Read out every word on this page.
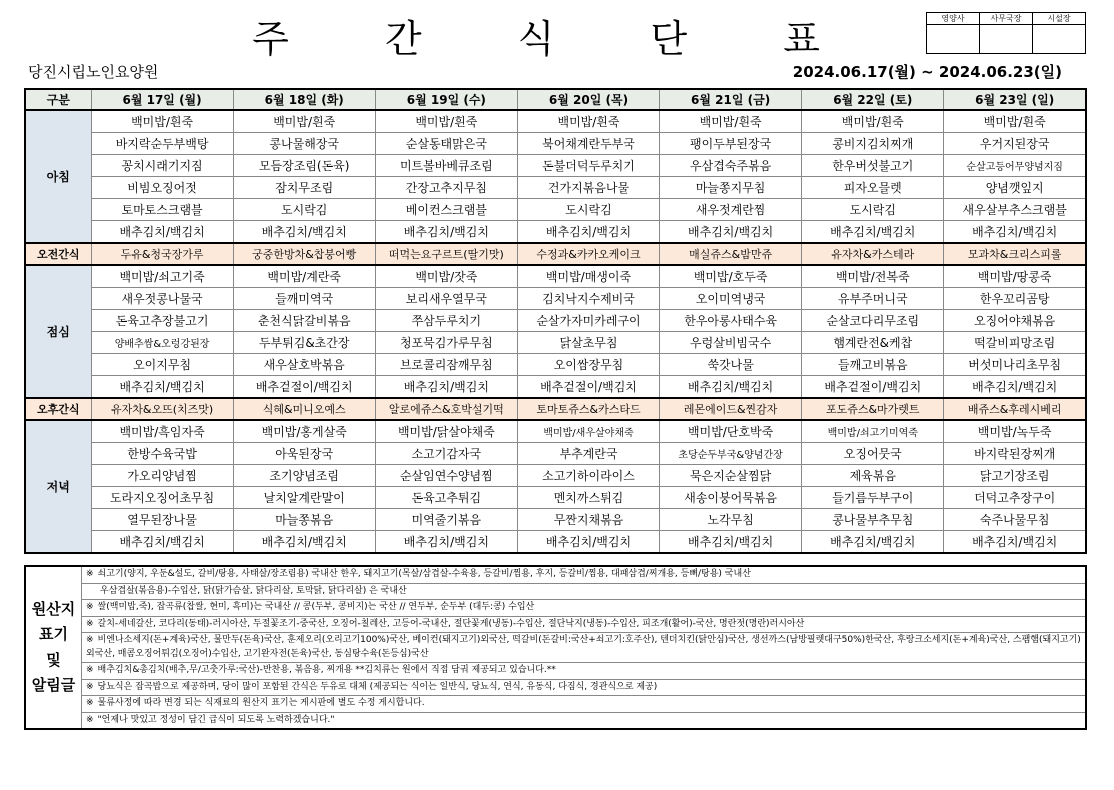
주 간 식 단 표	영양사	사무국장	시설장

당진시립노인요양원	2024.06.17(월) ~ 2024.06.23(일)
구분	6월 17일 (월)	6월 18일 (화)	6월 19일 (수)	6월 20일 (목)	6월 21일 (금)	6월 22일 (토)	6월 23일 (일)
아침	백미밥/흰죽	백미밥/흰죽	백미밥/흰죽	백미밥/흰죽	백미밥/흰죽	백미밥/흰죽	백미밥/흰죽
	바지락순두부백탕	콩나물해장국	순살동태맑은국	북어채계란두부국	팽이두부된장국	콩비지김치찌개	우거지된장국
	꽁치시래기지짐	모듬장조림(돈육)	미트볼바베큐조림	돈불더덕두루치기	우삼겹숙주볶음	한우버섯불고기	순살고등어무양념지짐
	비빔오징어젓	잠치무조림	간장고추지무침	건가지볶음나물	마늘쫑지무침	피자오믈렛	양념깻잎지
	토마토스크램블	도시락김	베이컨스크램블	도시락김	새우젓계란찜	도시락김	새우살부추스크램블
	배추김치/백김치	배추김치/백김치	배추김치/백김치	배추김치/백김치	배추김치/백김치	배추김치/백김치	배추김치/백김치
오전간식	두유&청국장가루	궁중한방차&찹붕어빵	떠먹는요구르트(딸기맛)	수정과&카카오케이크	매실쥬스&밤만쥬	유자차&카스테라	모과차&크리스피롤
점심	백미밥/쇠고기죽	백미밥/계란죽	백미밥/잣죽	백미밥/매생이죽	백미밥/호두죽	백미밥/전복죽	백미밥/땅콩죽
	새우젓콩나물국	들깨미역국	보리새우열무국	김치낙지수제비국	오이미역냉국	유부주머니국	한우꼬리곰탕
	돈육고추장불고기	춘천식닭갈비볶음	쭈삼두루치기	순살가자미카레구이	한우아롱사태수육	순살코다리무조림	오징어야채볶음
	양배추쌈&오렁강된장	두부튀김&초간장	청포묵김가루무침	닭살초무침	우렁살비빔국수	햄계란전&케찹	떡갈비피망조림
	오이지무침	새우살호박볶음	브로콜리잠깨무침	오이쌈장무침	쑥갓나물	들깨고비볶음	버섯미나리초무침
	배추김치/백김치	배추겉절이/백김치	배추김치/백김치	배추겉절이/백김치	배추김치/백김치	배추겉절이/백김치	배추김치/백김치
오후간식	유자차&오뜨(치즈맛)	식혜&미니오예스	알로에쥬스&호박설기떡	토마토쥬스&카스타드	레몬에이드&찐감자	포도쥬스&마가렛트	배쥬스&후레시베리
저녁	백미밥/흑임자죽	백미밥/홍게살죽	백미밥/닭살야채죽	백미밥/새우살야채죽	백미밥/단호박죽	백미밥/쇠고기미역죽	백미밥/녹두죽
	한방수육국밥	아욱된장국	소고기감자국	부추계란국	초당순두부국&양념간장	오징어뭇국	바지락된장찌개
	가오리양념찜	조기양념조림	순살임연수양념찜	소고기하이라이스	묵은지순살찜닭	제육볶음	닭고기장조림
	도라지오징어초무침	날치알계란말이	돈육고추튀김	멘치까스튀김	새송이붕어묵볶음	들기름두부구이	더덕고추장구이
	열무된장나물	마늘쫑볶음	미역줄기볶음	무짠지채볶음	노각무침	콩나물부추무침	숙주나물무침
	배추김치/백김치	배추김치/백김치	배추김치/백김치	배추김치/백김치	배추김치/백김치	배추김치/백김치	배추김치/백김치
원산지
표기
및
알림글
	※ 쇠고기(양지, 우둔&설도, 갈비/탕용, 사태살/장조림용) 국내산 한우, 돼지고기(목살/삼겹살-수육용, 등갈비/찜용, 후지, 등갈비/찜용, 대패삼겹/찌개용, 등뼈/탕용) 국내산
우삼겹살(볶음용)-수입산, 닭(닭가슴살, 닭다리살, 토막닭, 닭다리살) 은 국내산
※ 쌀(백미밥,죽), 잡곡류(찹쌀, 현미, 흑미)는 국내산 // 콩(두부, 콩비지)는 국산 // 연두부, 순두부 (대두:콩) 수입산
※ 갈치-세네갈산, 코다리(동태)-러시아산, 두절꽃조기-중국산, 오징어-칠레산, 고등어-국내산, 절단꽃게(냉동)-수입산, 절단낙지(냉동)-수입산, 피조개(활어)-국산, 명란젓(명란)러시아산
※ 비엔나소세지(돈+계육)국산, 물만두(돈육)국산, 훈제오리(오리고기100%)국산, 베이컨(돼지고기)외국산, 떡갈비(돈갈비:국산+쇠고기:호주산), 텐더치킨(닭안심)국산, 생선까스(남방필렛대구50%)한국산, 후랑크소세지(돈+계육)국산, 스팸햄(돼지고기)외국산, 매콤오징어튀김(오징어)수입산, 고기완자전(돈육)국산, 동심탕수육(돈등심)국산
※ 배추김치&총김치(배추,무/고춧가루:국산)-반찬용, 볶음용, 찌개용 **김치류는 원에서 직접 담궈 제공되고 있습니다.**
※ 당뇨식은 잡곡밥으로 제공하며, 당이 많이 포함된 간식은 두유로 대체 (제공되는 식이는 일반식, 당뇨식, 연식, 유동식, 다짐식, 경관식으로 제공)
※ 물류사정에 따라 변경 되는 식재료의 원산지 표기는 게시판에 별도 수정 게시합니다.
※ "언제나 맛있고 정성이 담긴 급식이 되도록 노력하겠습니다."
